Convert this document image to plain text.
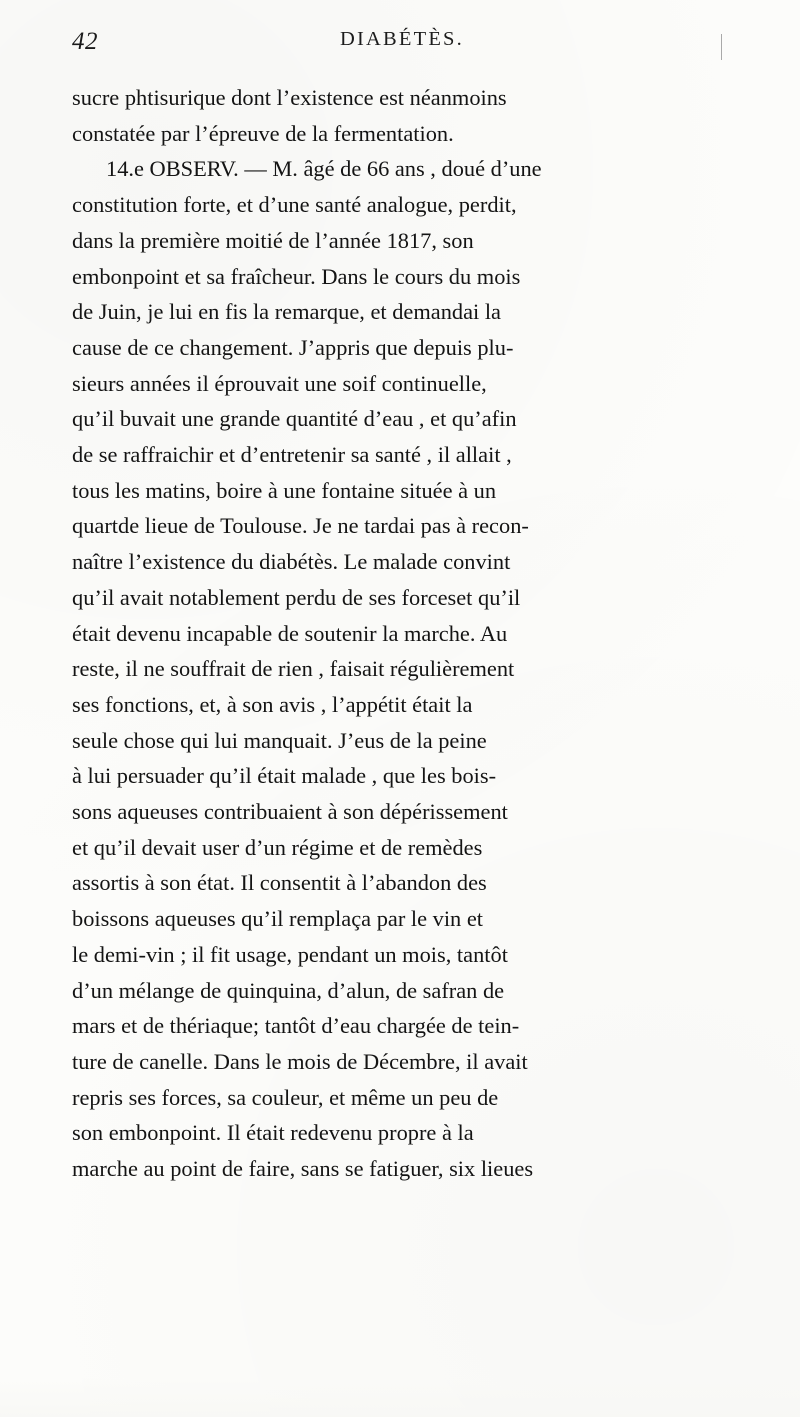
42	DIABÉTÈS.

sucre phtisurique dont l’existence est néanmoins
constatée par l’épreuve de la fermentation.
14.e OBSERV. — M. âgé de 66 ans , doué d’une
constitution forte, et d’une santé analogue, perdit,
dans la première moitié de l’année 1817, son
embonpoint et sa fraîcheur. Dans le cours du mois
de Juin, je lui en fis la remarque, et demandai la
cause de ce changement. J’appris que depuis plu-
sieurs années il éprouvait une soif continuelle,
qu’il buvait une grande quantité d’eau , et qu’afin
de se raffraichir et d’entretenir sa santé , il allait ,
tous les matins, boire à une fontaine située à un
quartde lieue de Toulouse. Je ne tardai pas à recon-
naître l’existence du diabétès. Le malade convint
qu’il avait notablement perdu de ses forceset qu’il
était devenu incapable de soutenir la marche. Au
reste, il ne souffrait de rien , faisait régulièrement
ses fonctions, et, à son avis , l’appétit était la
seule chose qui lui manquait. J’eus de la peine
à lui persuader qu’il était malade , que les bois-
sons aqueuses contribuaient à son dépérissement
et qu’il devait user d’un régime et de remèdes
assortis à son état. Il consentit à l’abandon des
boissons aqueuses qu’il remplaça par le vin et
le demi-vin ; il fit usage, pendant un mois, tantôt
d’un mélange de quinquina, d’alun, de safran de
mars et de thériaque; tantôt d’eau chargée de tein-
ture de canelle. Dans le mois de Décembre, il avait
repris ses forces, sa couleur, et même un peu de
son embonpoint. Il était redevenu propre à la
marche au point de faire, sans se fatiguer, six lieues
